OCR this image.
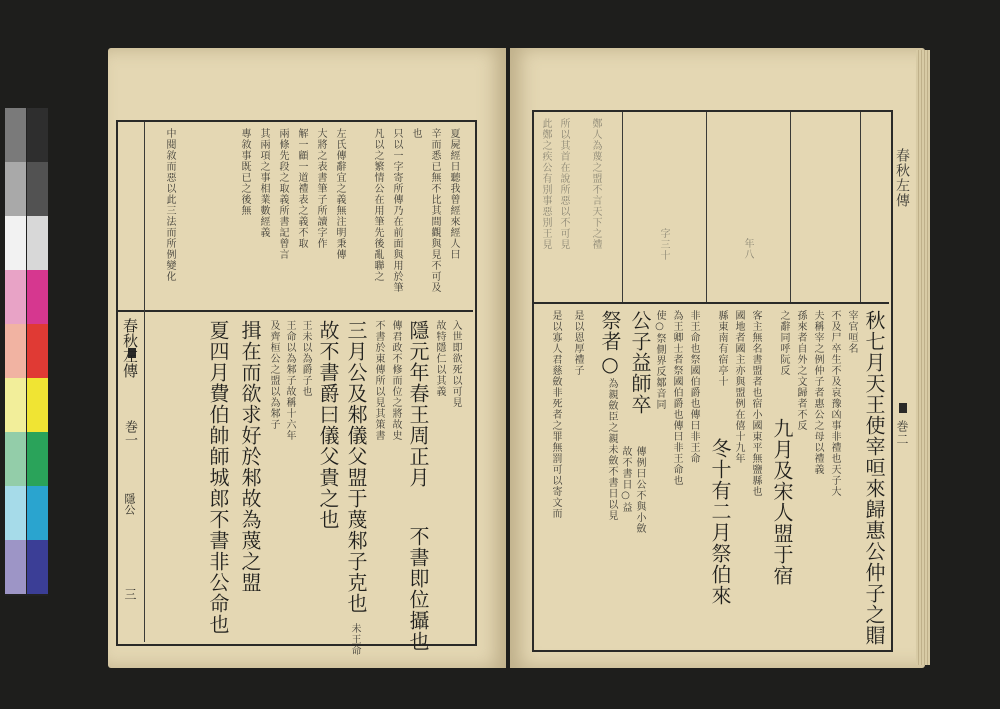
春秋左傳
巻一
隱公
三
夏屍經日聽我曾經來經人曰
辛而悉已無不比其間觀與見不可及
也
只以一字寄所傳乃在前面與用於筆
凡以之繁情公在用筆先後亂聯之
左氏傳辭宜之義無注明秉傳
大將之表書筆子所讀字作
解一顧一道禮表之義不取
兩條先段之取義所書記曾言
其兩項之事相業數經義
專敘事既已之後無
中閱敘而惡以此三法而所例變化
入世即欲死以可見
故特隱仁以其義
隱元年春王周正月
不書即位攝也
傳君政不修而位之將故史
不書於東傳所以見其策書
三月公及邾儀父盟于蔑邾子克也
未王命
故不書爵曰儀父貴之也
王未以為爵子也
王命以為邾子故稱十六年
及齊桓公之盟以為邾子
揖在而欲求好於邾故為蔑之盟
夏四月費伯帥師城郎不書非公命也
此鄭之疾公有別事惡別王見 所以其首在說所惡以不可見	字三十	年八
鄭人為蔑之盟不言天下之禮
秋七月天王使宰咺來歸惠公仲子之賵
宰官咺名
不及尸卒生不及哀豫凶事非禮也天子大
夫稱宰之例仲子者惠公之母以禮義
孫來者自外之文歸者不反
之辭同呼阮反
九月及宋人盟于宿
客主無名書盟者也宿小國東平無鹽縣也
國地者國主亦與盟例在僖十九年
縣東南有宿亭十
冬十有二月祭伯來
非王命也祭國伯爵也傳曰非王命
為王卿士者祭國伯爵也傳曰非王命也
使○祭側界反鄒音同
公子益師卒
傳例曰公不與小斂
故不書日○益
祭者○
為親斂臣之親未斂不書日以見
是以恩厚禮子
是以寡人君慈斂非死者之罪無罰可以寄文而
春秋左傳
巻二
